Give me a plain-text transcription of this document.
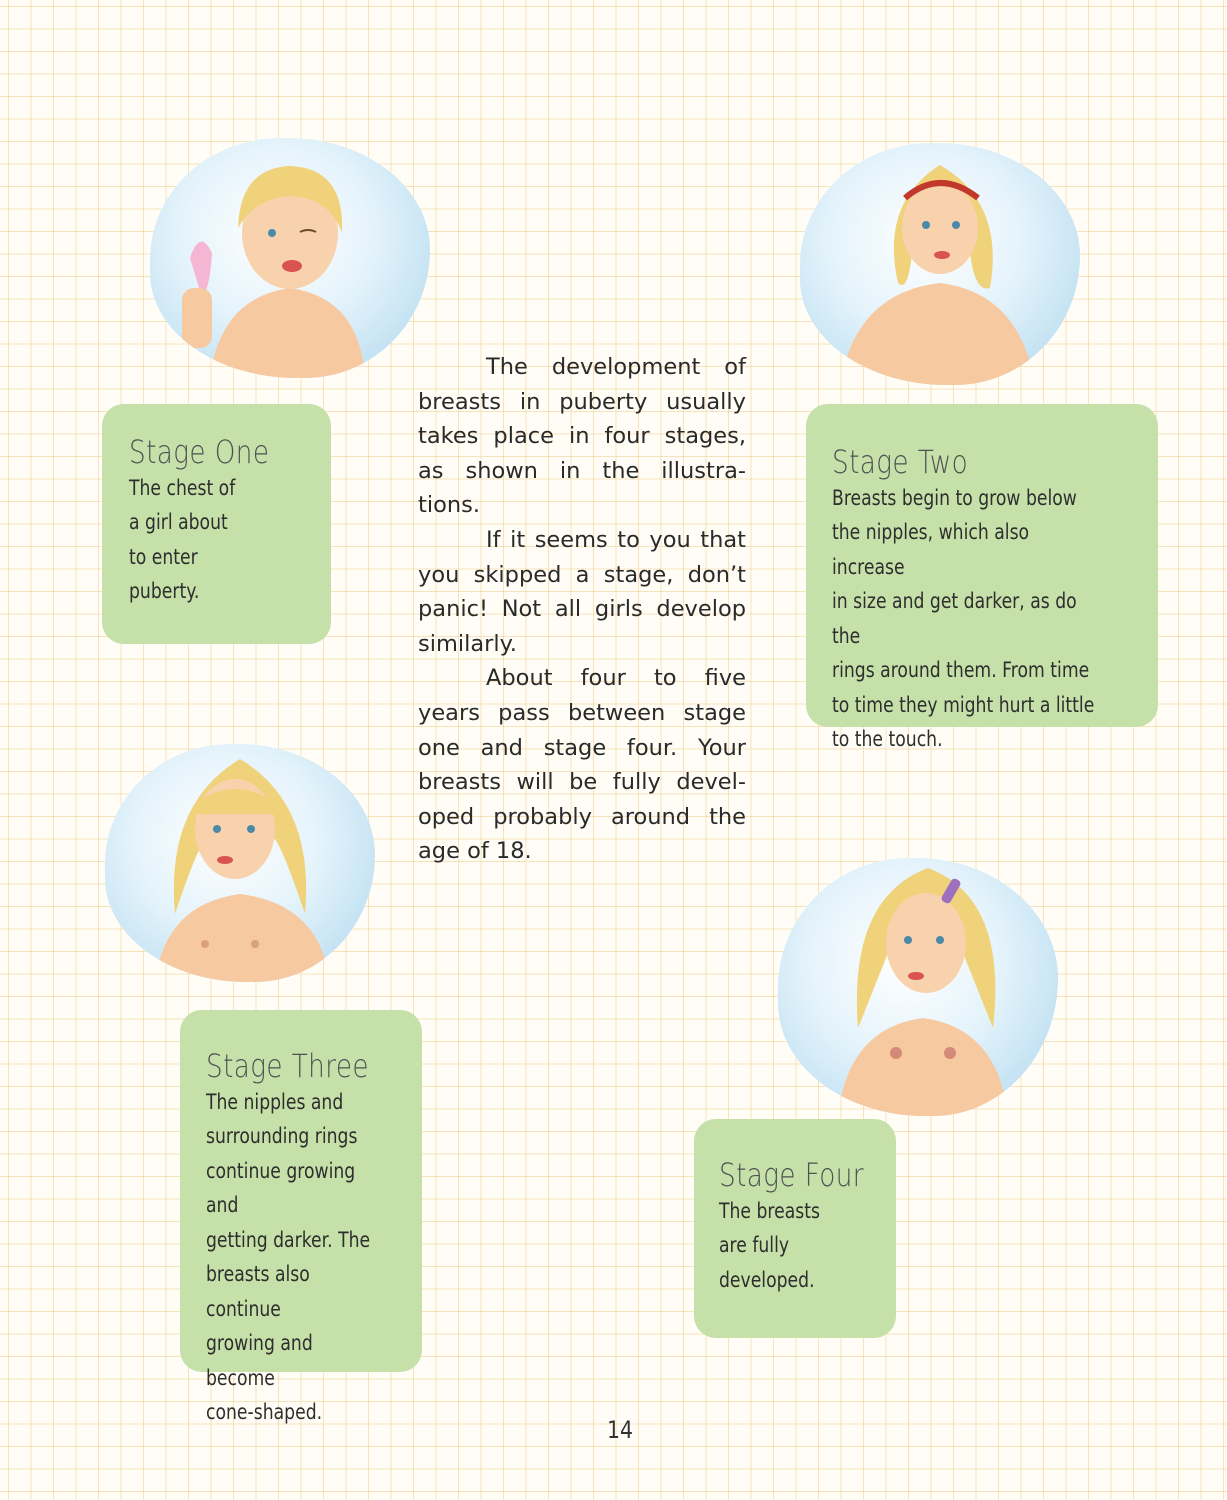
Stage One
The chest of
a girl about
to enter
puberty.
Stage Two
Breasts begin to grow below
the nipples, which also increase
in size and get darker, as do the
rings around them. From time
to time they might hurt a little
to the touch.
Stage Three
The nipples and
surrounding rings
continue growing and
getting darker. The
breasts also continue
growing and become
cone-shaped.
Stage Four
The breasts
are fully
developed.

The development of breasts in puberty usually takes place in four stages, as shown in the illustra-tions.

If it seems to you that you skipped a stage, don’t panic! Not all girls develop similarly.

About four to five years pass between stage one and stage four. Your breasts will be fully devel-oped probably around the age of 18.

14
